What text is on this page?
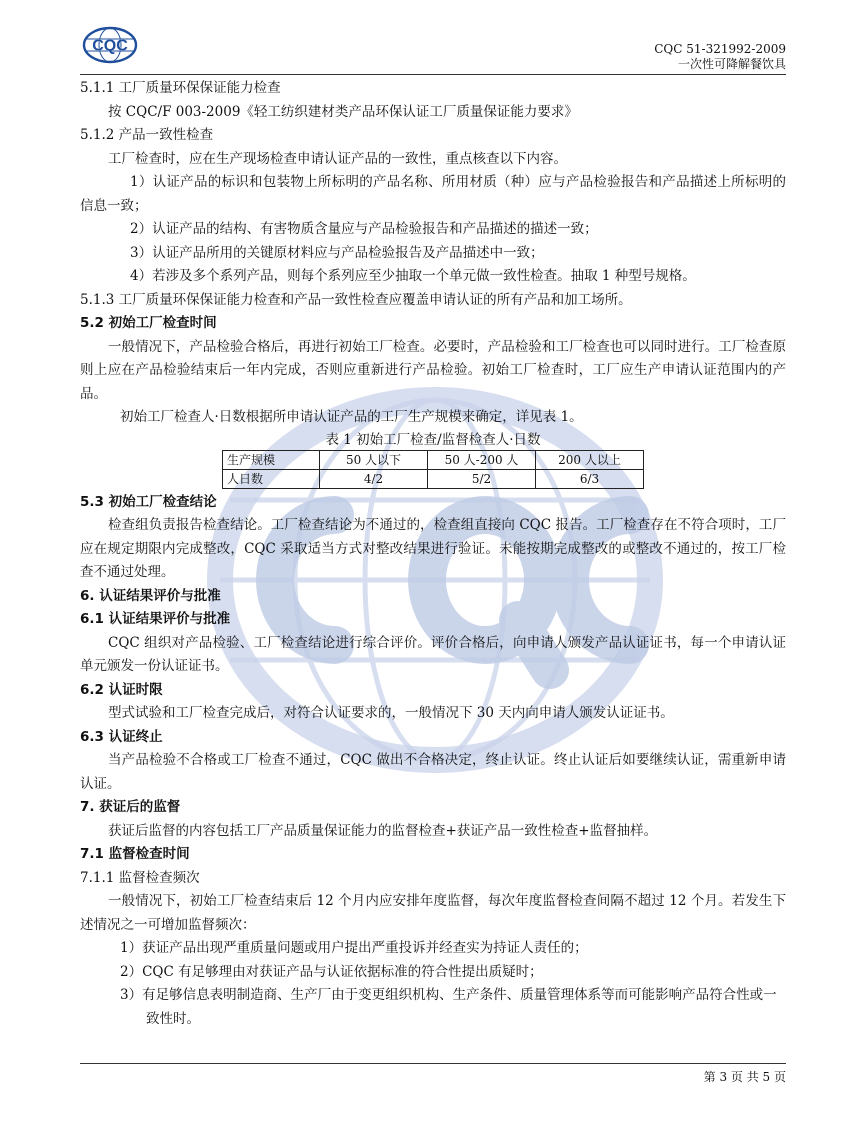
CQC	CQC 51-321992-2009
一次性可降解餐饮具

5.1.1 工厂质量环保保证能力检查

按 CQC/F 003-2009《轻工纺织建材类产品环保认证工厂质量保证能力要求》

5.1.2 产品一致性检查

工厂检查时，应在生产现场检查申请认证产品的一致性，重点核查以下内容。

1）认证产品的标识和包装物上所标明的产品名称、所用材质（种）应与产品检验报告和产品描述上所标明的信息一致；

2）认证产品的结构、有害物质含量应与产品检验报告和产品描述的描述一致；

3）认证产品所用的关键原材料应与产品检验报告及产品描述中一致；

4）若涉及多个系列产品，则每个系列应至少抽取一个单元做一致性检查。抽取 1 种型号规格。

5.1.3 工厂质量环保保证能力检查和产品一致性检查应覆盖申请认证的所有产品和加工场所。

5.2 初始工厂检查时间

一般情况下，产品检验合格后，再进行初始工厂检查。必要时，产品检验和工厂检查也可以同时进行。工厂检查原则上应在产品检验结束后一年内完成，否则应重新进行产品检验。初始工厂检查时，工厂应生产申请认证范围内的产品。

初始工厂检查人·日数根据所申请认证产品的工厂生产规模来确定，详见表 1。

表 1 初始工厂检查/监督检查人·日数

生产规模	50 人以下	50 人-200 人	200 人以上
人日数	4/2	5/2	6/3

5.3 初始工厂检查结论

检查组负责报告检查结论。工厂检查结论为不通过的，检查组直接向 CQC 报告。工厂检查存在不符合项时，工厂应在规定期限内完成整改，CQC 采取适当方式对整改结果进行验证。未能按期完成整改的或整改不通过的，按工厂检查不通过处理。

6. 认证结果评价与批准

6.1 认证结果评价与批准

CQC 组织对产品检验、工厂检查结论进行综合评价。评价合格后，向申请人颁发产品认证证书，每一个申请认证单元颁发一份认证证书。

6.2 认证时限

型式试验和工厂检查完成后，对符合认证要求的，一般情况下 30 天内向申请人颁发认证证书。

6.3 认证终止

当产品检验不合格或工厂检查不通过，CQC 做出不合格决定，终止认证。终止认证后如要继续认证，需重新申请认证。

7. 获证后的监督

获证后监督的内容包括工厂产品质量保证能力的监督检查+获证产品一致性检查+监督抽样。

7.1 监督检查时间

7.1.1 监督检查频次

一般情况下，初始工厂检查结束后 12 个月内应安排年度监督，每次年度监督检查间隔不超过 12 个月。若发生下述情况之一可增加监督频次：

1）获证产品出现严重质量问题或用户提出严重投诉并经查实为持证人责任的；

2）CQC 有足够理由对获证产品与认证依据标准的符合性提出质疑时；

3）有足够信息表明制造商、生产厂由于变更组织机构、生产条件、质量管理体系等而可能影响产品符合性或一致性时。

第 3 页 共 5 页
